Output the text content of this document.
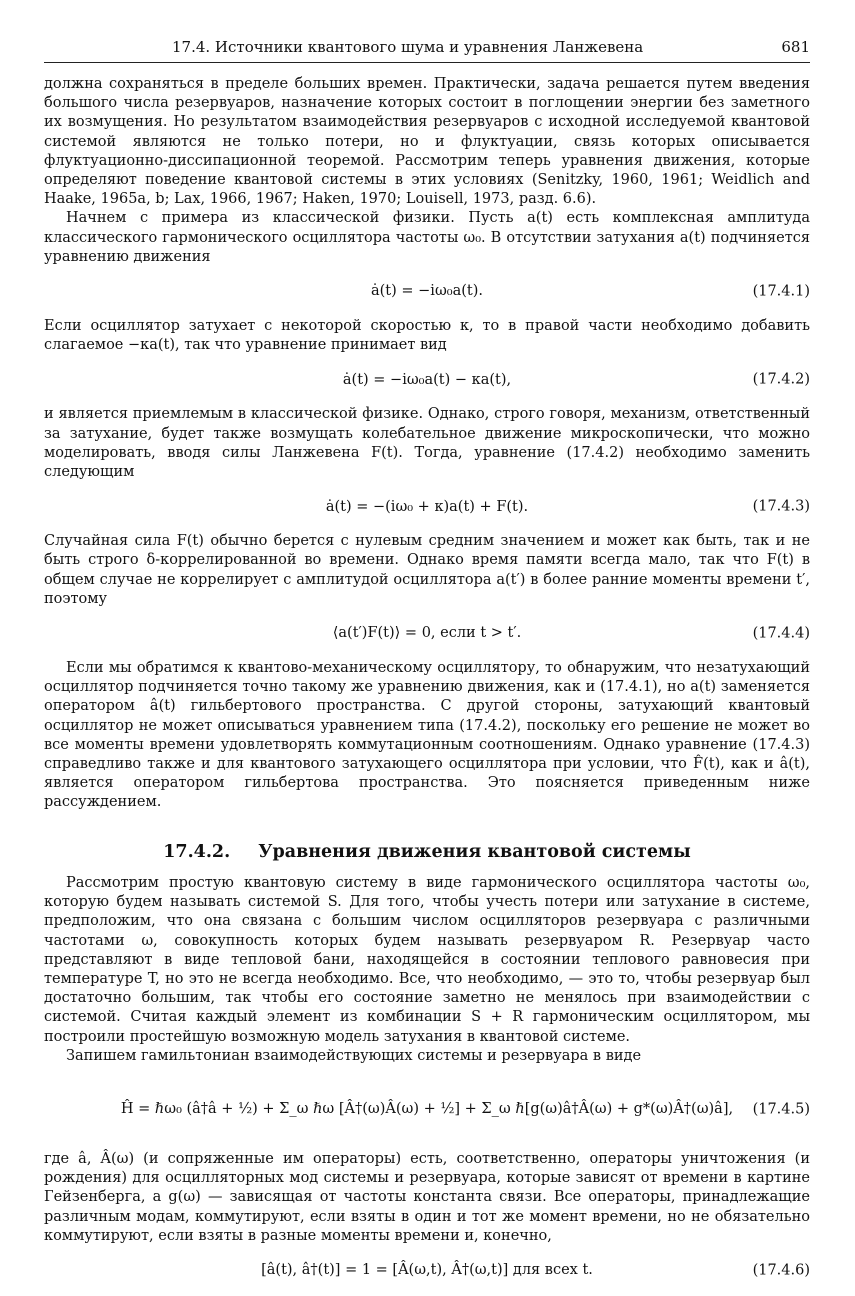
17.4. Источники квантового шума и уравнения Ланжевена	681

должна сохраняться в пределе больших времен. Практически, задача решается путем введения большого числа резервуаров, назначение которых состоит в поглощении энергии без заметного их возмущения. Но результатом взаимодействия резервуаров с исходной исследуемой квантовой системой являются не только потери, но и флуктуации, связь которых описывается флуктуационно-диссипационной теоремой. Рассмотрим теперь уравнения движения, которые определяют поведение квантовой системы в этих условиях (Senitzky, 1960, 1961; Weidlich and Haake, 1965a, b; Lax, 1966, 1967; Haken, 1970; Louisell, 1973, разд. 6.6).

Начнем с примера из классической физики. Пусть a(t) есть комплексная амплитуда классического гармонического осциллятора частоты ω₀. В отсутствии затухания a(t) подчиняется уравнению движения

ȧ(t) = −iω₀a(t).	(17.4.1)

Если осциллятор затухает с некоторой скоростью κ, то в правой части необходимо добавить слагаемое −κa(t), так что уравнение принимает вид

ȧ(t) = −iω₀a(t) − κa(t),	(17.4.2)

и является приемлемым в классической физике. Однако, строго говоря, механизм, ответственный за затухание, будет также возмущать колебательное движение микроскопически, что можно моделировать, вводя силы Ланжевена F(t). Тогда, уравнение (17.4.2) необходимо заменить следующим

ȧ(t) = −(iω₀ + κ)a(t) + F(t).	(17.4.3)

Случайная сила F(t) обычно берется с нулевым средним значением и может как быть, так и не быть строго δ-коррелированной во времени. Однако время памяти всегда мало, так что F(t) в общем случае не коррелирует с амплитудой осциллятора a(t′) в более ранние моменты времени t′, поэтому

⟨a(t′)F(t)⟩ = 0, если t > t′.	(17.4.4)

Если мы обратимся к квантово-механическому осциллятору, то обнаружим, что незатухающий осциллятор подчиняется точно такому же уравнению движения, как и (17.4.1), но a(t) заменяется оператором â(t) гильбертового пространства. С другой стороны, затухающий квантовый осциллятор не может описываться уравнением типа (17.4.2), поскольку его решение не может во все моменты времени удовлетворять коммутационным соотношениям. Однако уравнение (17.4.3) справедливо также и для квантового затухающего осциллятора при условии, что F̂(t), как и â(t), является оператором гильбертова пространства. Это поясняется приведенным ниже рассуждением.

17.4.2. Уравнения движения квантовой системы

Рассмотрим простую квантовую систему в виде гармонического осциллятора частоты ω₀, которую будем называть системой S. Для того, чтобы учесть потери или затухание в системе, предположим, что она связана с большим числом осцилляторов резервуара с различными частотами ω, совокупность которых будем называть резервуаром R. Резервуар часто представляют в виде тепловой бани, находящейся в состоянии теплового равновесия при температуре T, но это не всегда необходимо. Все, что необходимо, — это то, чтобы резервуар был достаточно большим, так чтобы его состояние заметно не менялось при взаимодействии с системой. Считая каждый элемент из комбинации S + R гармоническим осциллятором, мы построили простейшую возможную модель затухания в квантовой системе.

Запишем гамильтониан взаимодействующих системы и резервуара в виде

Ĥ = ℏω₀ (â†â + ½) + Σ_ω ℏω [Â†(ω)Â(ω) + ½] + Σ_ω ℏ[g(ω)â†Â(ω) + g*(ω)Â†(ω)â], (17.4.5)

где â, Â(ω) (и сопряженные им операторы) есть, соответственно, операторы уничтожения (и рождения) для осцилляторных мод системы и резервуара, которые зависят от времени в картине Гейзенберга, а g(ω) — зависящая от частоты константа связи. Все операторы, принадлежащие различным модам, коммутируют, если взяты в один и тот же момент времени, но не обязательно коммутируют, если взяты в разные моменты времени и, конечно,

[â(t), â†(t)] = 1 = [Â(ω,t), Â†(ω,t)] для всех t.	(17.4.6)
